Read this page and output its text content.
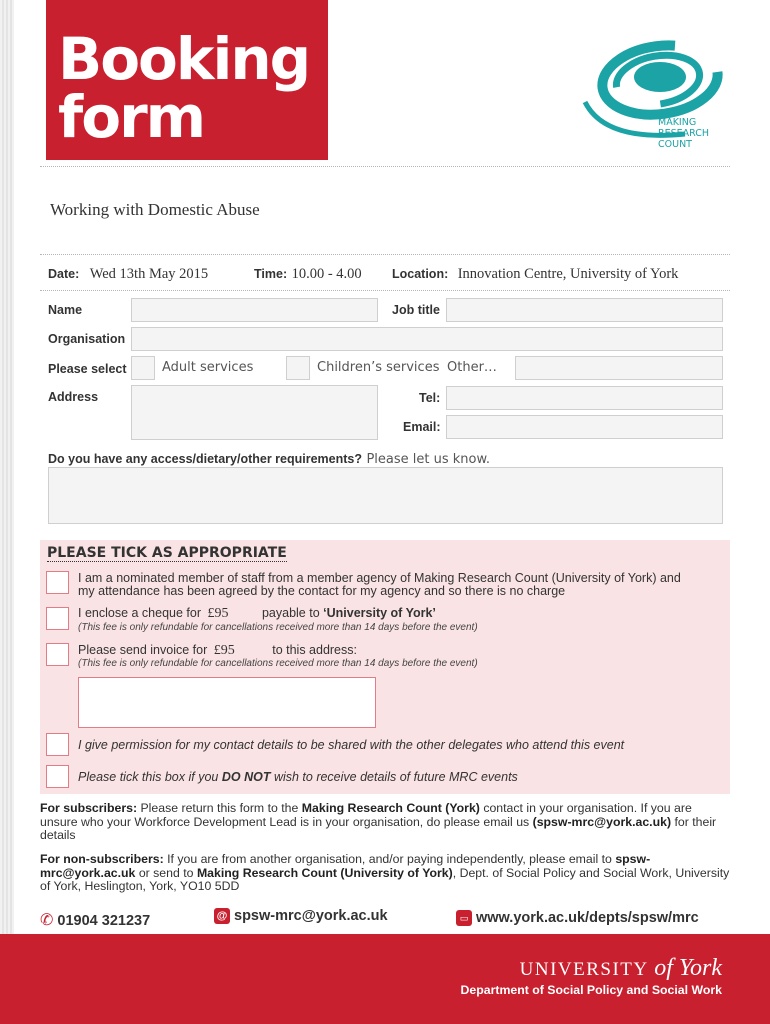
Booking
form	MAKING
RESEARCH
COUNT
Working with Domestic Abuse
Date: Wed 13th May 2015	Time: 10.00 - 4.00 Location: Innovation Centre, University of York
Name	Job title
Organisation
Please select	Adult services	Children’s services Other…
Address	Tel:
Email:
Do you have any access/dietary/other requirements? Please let us know.
PLEASE TICK AS APPROPRIATE
I am a nominated member of staff from a member agency of Making Research Count (University of York) and
my attendance has been agreed by the contact for my agency and so there is no charge
I enclose a cheque for £95	payable to ‘University of York’
(This fee is only refundable for cancellations received more than 14 days before the event)
Please send invoice for £95	to this address:
(This fee is only refundable for cancellations received more than 14 days before the event)
I give permission for my contact details to be shared with the other delegates who attend this event
Please tick this box if you DO NOT wish to receive details of future MRC events
For subscribers: Please return this form to the Making Research Count (York) contact in your organisation. If you are unsure who your Workforce Development Lead is in your organisation, do please email us (spsw-mrc@york.ac.uk) for their details
For non-subscribers: If you are from another organisation, and/or paying independently, please email to spsw-mrc@york.ac.uk or send to Making Research Count (University of York), Dept. of Social Policy and Social Work, University of York, Heslington, York, YO10 5DD
✆ 01904 321237	@ spsw-mrc@york.ac.uk	▭ www.york.ac.uk/depts/spsw/mrc
UNIVERSITY of York
Department of Social Policy and Social Work
